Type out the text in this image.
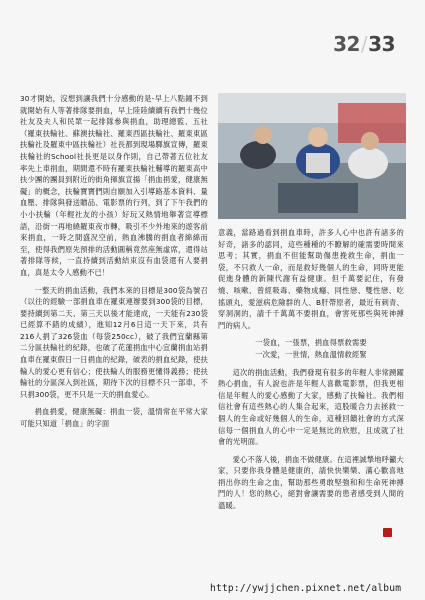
32/33

30才開始，沒想到讓我們十分感動的是-早上八點鐘不到就開始有人等著排隊要捐血，早上陸陸續續有我們十幾位社友及夫人和民眾一起排隊參與捐血，助理總監、五社（羅東扶輪社、蘇澳扶輪社、羅東西區扶輪社、羅東東區扶輪社及羅東中區扶輪社）社長都到現場驛旗宣傳，羅東扶輪社的School社長更是以身作則，自己帶著五位社友率先上車捐血，期間還不時有羅東扶輪社輔導的羅東高中扶少團的團員到附近的街角揮旗宣揚「捐血捐愛，健康無礙」的概念，扶輪寶寶們則自願加入引導路基本資料、量血壓、排隊與發送贈品、電影票的行列，到了下午我們的小小扶輪（年輕社友的小孩）好玩又熱情地舉著宣導標語，沿街一再地繞羅東夜市轉，吸引不少外地來的遊客前來捐血，一時之間盛況空前，熱血沸騰的捐血者綿綿而至，使得我們原先預排的活動圓稱竟然座無虛席，還得站著排隊等候，一直持續到活動結束沒有血袋還有人要捐血，真是太令人感動不已！

一整天的捐血活動，我們本來的目標是300袋為號召（以往的經驗一部捐血車在羅東連辦要到300袋的目標，要持續到第二天、第三天以後才能達成，一天能有230袋已經算不錯的成績），進知12月6日這一天下來，共有216人捐了326袋血（每袋250cc），破了我們宜蘭縣第二分區扶輪社的紀錄，也破了花蓮捐血中心宜蘭捐血站捐血車在羅東假日一日捐血的紀錄，破表的捐血紀錄，使扶輪人的愛心更有信心；使扶輪人的服務更懂得義務；使扶輪社的分區深入到社區，期待下次的目標不只一部車，不只捐300袋，更不只是一天的捐血愛心。

捐血捐愛，健康無礙：捐血一袋，溫情常在平常大家可能只知道「捐血」的字面

意義，當路過看到捐血車時，許多人心中也許有諸多的好奇，諸多的認同，這些種種的不瞭解的確需要時間來思考；其實，捐血不但能幫助傷患挽救生命，捐血一袋，不只救人一命，而是救好幾個人的生命，同時更能促進身體的新陳代謝有益健康。但千萬要記住，有發燒、咳嗽、曾經吸毒、藥物成癮、同性戀、雙性戀、吃搖頭丸，愛滋病危險群的人、B肝帶原者，最近有刺青、穿洞洞的，請千千萬萬不要捐血，會害死那些與死神搏鬥的病人。

一袋血，一張票，捐血得票救需要

一次愛，一世情，熱血溫情救經緊

這次的捐血活動，我們發現有很多的年輕人非常踴躍熱心捐血，有人說也許是年輕人喜歡電影票，但我更相信是年輕人的愛心感動了大家，感動了扶輪社。我們相信社會有這些熱心的人集合起來，這股暖合力去拯救一個人的生命或好幾個人的生命，這種回饋社會的方式深信每一個捐血人的心中一定是無比的欣慰，且成就了社會的光明面。

愛心不落人後，捐血不做健康。在這裡誠摯地呼籲大家，只要你我身體是健康的，請快快樂樂、滿心歡喜地捐出你的生命之血，幫助那些勇敢堅強和和生命死神搏鬥的人！您的熱心，絕對會讓需要的患者感受到人間的溫暖。

http://ywjjchen.pixnet.net/album
